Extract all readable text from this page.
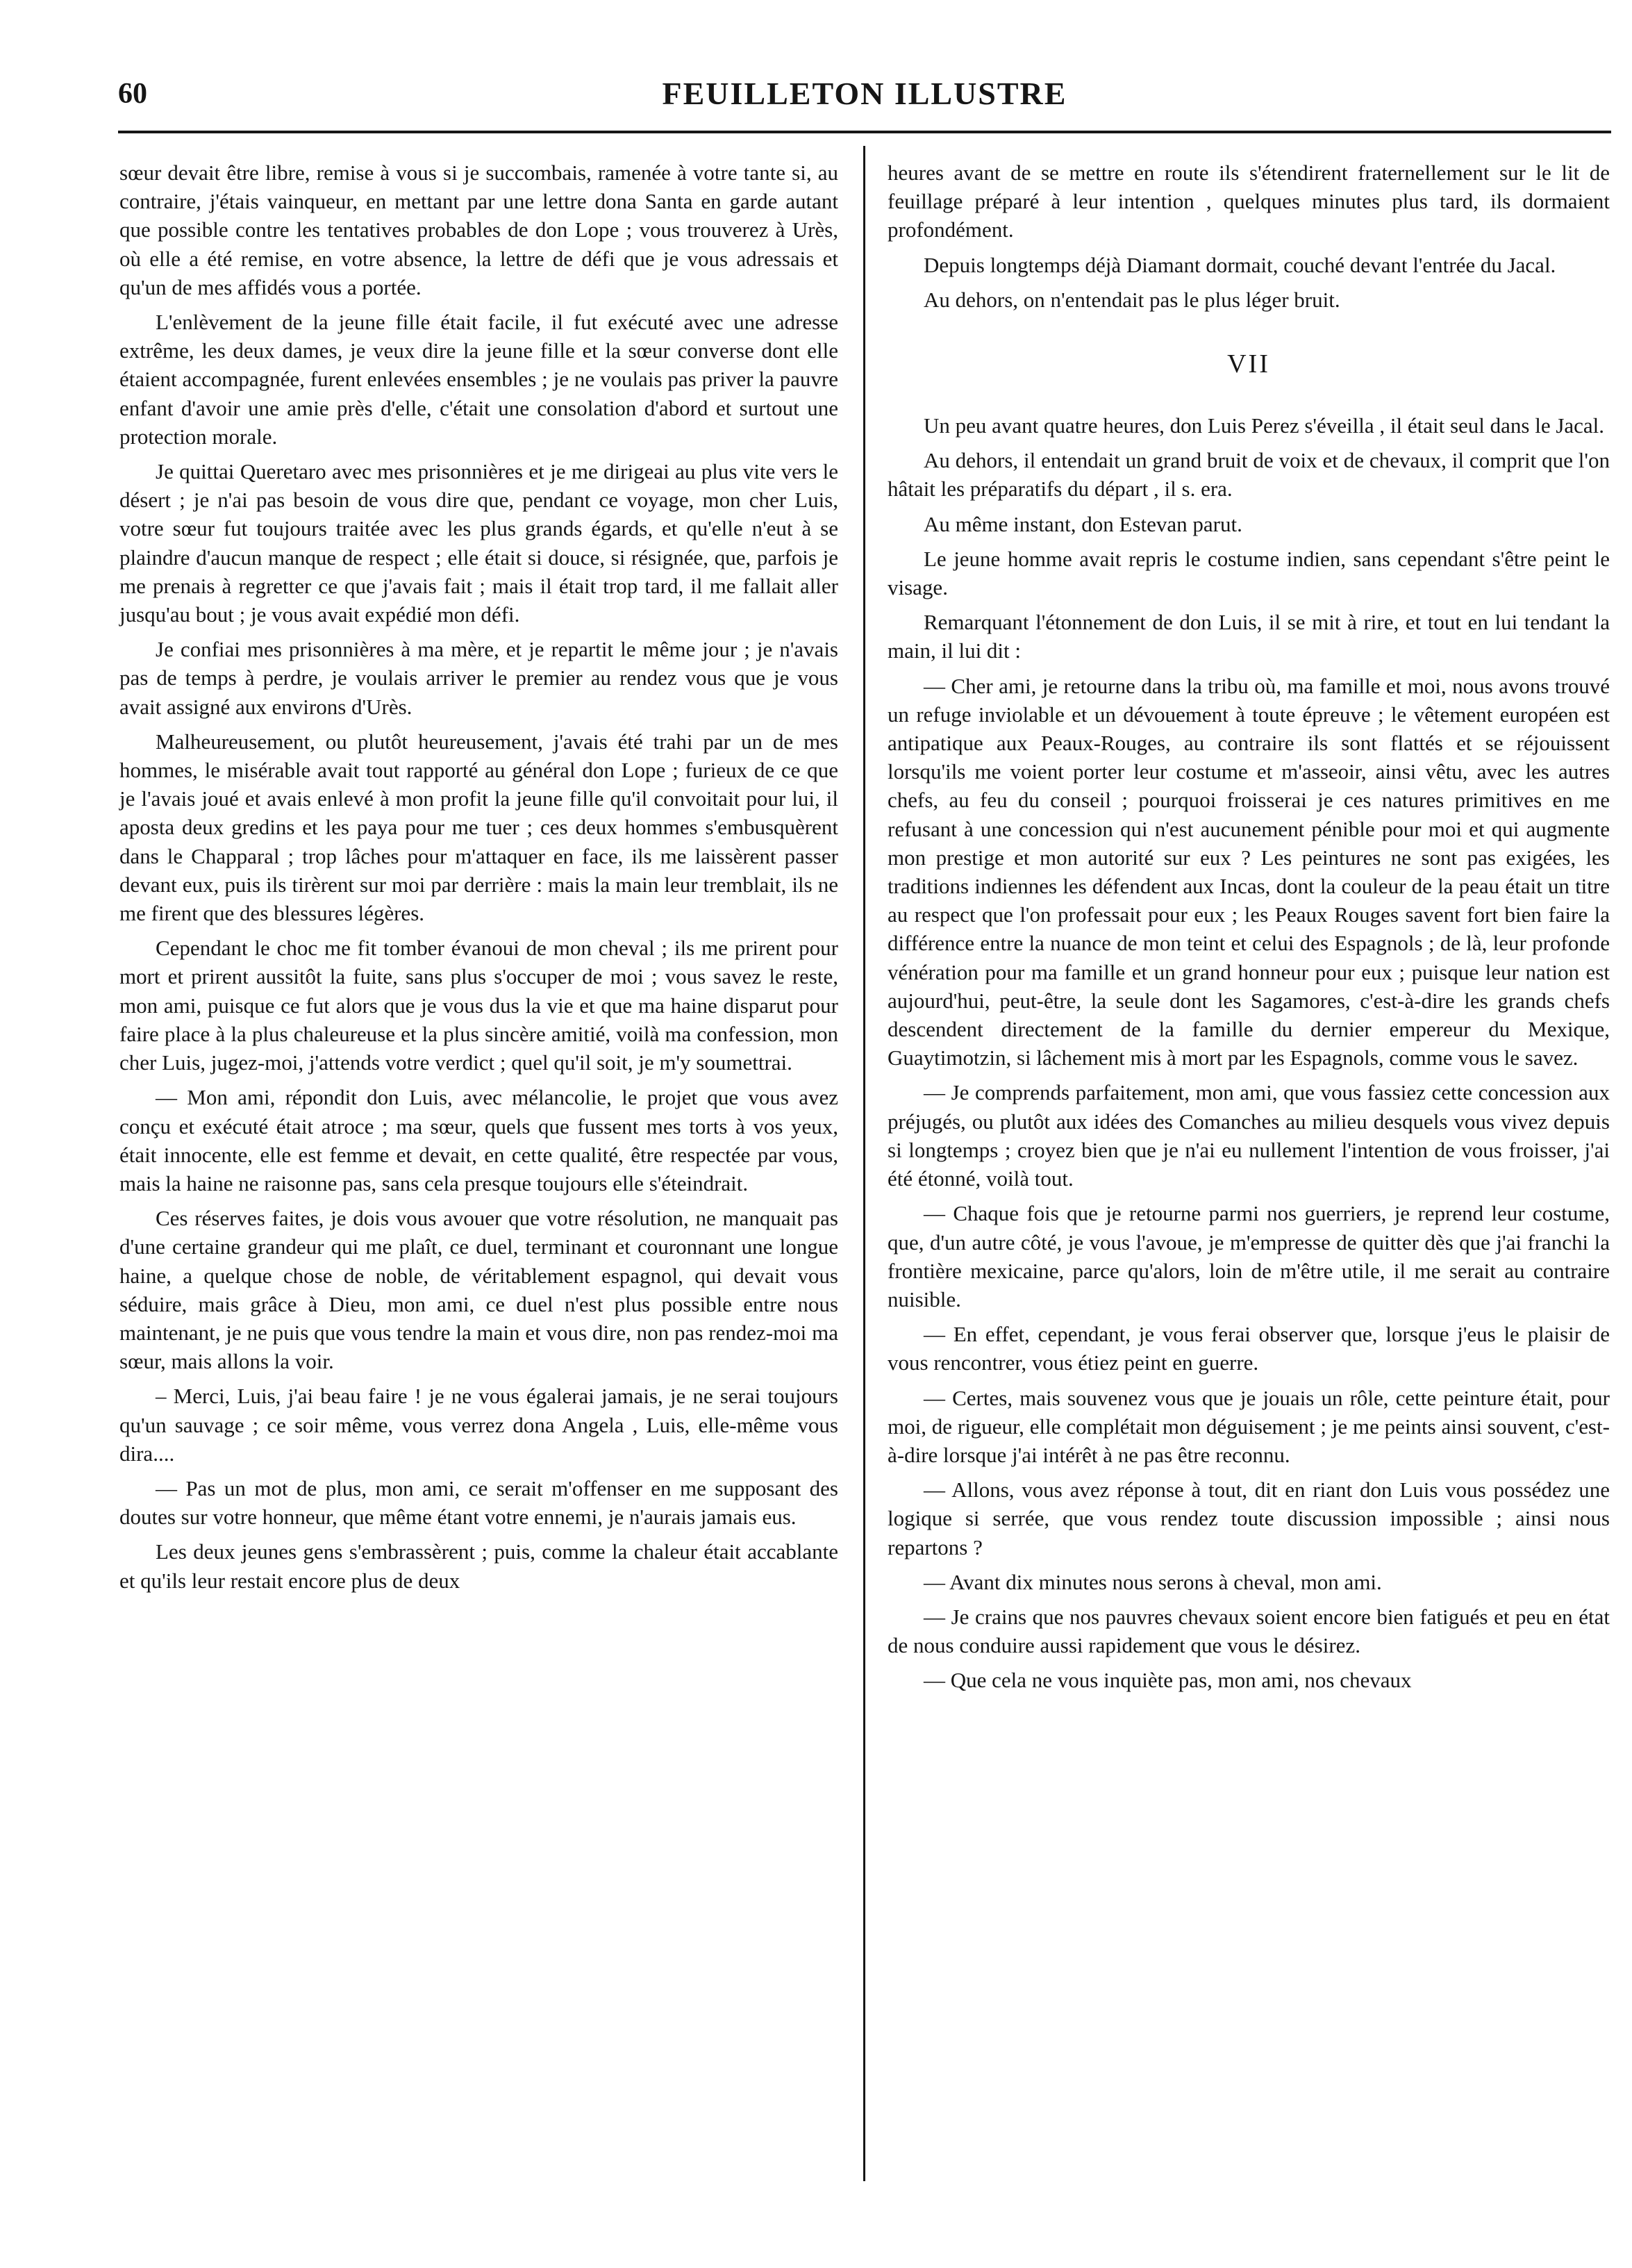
60	FEUILLETON ILLUSTRE

sœur devait être libre, remise à vous si je succombais, ramenée à votre tante si, au contraire, j'étais vainqueur, en mettant par une lettre dona Santa en garde autant que possible contre les tentatives probables de don Lope ; vous trouverez à Urès, où elle a été remise, en votre absence, la lettre de défi que je vous adressais et qu'un de mes affidés vous a portée.

L'enlèvement de la jeune fille était facile, il fut exécuté avec une adresse extrême, les deux dames, je veux dire la jeune fille et la sœur converse dont elle étaient accompagnée, furent enlevées ensembles ; je ne voulais pas priver la pauvre enfant d'avoir une amie près d'elle, c'était une consolation d'abord et surtout une protection morale.

Je quittai Queretaro avec mes prisonnières et je me dirigeai au plus vite vers le désert ; je n'ai pas besoin de vous dire que, pendant ce voyage, mon cher Luis, votre sœur fut toujours traitée avec les plus grands égards, et qu'elle n'eut à se plaindre d'aucun manque de respect ; elle était si douce, si résignée, que, parfois je me prenais à regretter ce que j'avais fait ; mais il était trop tard, il me fallait aller jusqu'au bout ; je vous avait expédié mon défi.

Je confiai mes prisonnières à ma mère, et je repartit le même jour ; je n'avais pas de temps à perdre, je voulais arriver le premier au rendez vous que je vous avait assigné aux environs d'Urès.

Malheureusement, ou plutôt heureusement, j'avais été trahi par un de mes hommes, le misérable avait tout rapporté au général don Lope ; furieux de ce que je l'avais joué et avais enlevé à mon profit la jeune fille qu'il convoitait pour lui, il aposta deux gredins et les paya pour me tuer ; ces deux hommes s'embusquèrent dans le Chapparal ; trop lâches pour m'attaquer en face, ils me laissèrent passer devant eux, puis ils tirèrent sur moi par derrière : mais la main leur tremblait, ils ne me firent que des blessures légères.

Cependant le choc me fit tomber évanoui de mon cheval ; ils me prirent pour mort et prirent aussitôt la fuite, sans plus s'occuper de moi ; vous savez le reste, mon ami, puisque ce fut alors que je vous dus la vie et que ma haine disparut pour faire place à la plus chaleureuse et la plus sincère amitié, voilà ma confession, mon cher Luis, jugez-moi, j'attends votre verdict ; quel qu'il soit, je m'y soumettrai.

— Mon ami, répondit don Luis, avec mélancolie, le projet que vous avez conçu et exécuté était atroce ; ma sœur, quels que fussent mes torts à vos yeux, était innocente, elle est femme et devait, en cette qualité, être respectée par vous, mais la haine ne raisonne pas, sans cela presque toujours elle s'éteindrait.

Ces réserves faites, je dois vous avouer que votre résolution, ne manquait pas d'une certaine grandeur qui me plaît, ce duel, terminant et couronnant une longue haine, a quelque chose de noble, de véritablement espagnol, qui devait vous séduire, mais grâce à Dieu, mon ami, ce duel n'est plus possible entre nous maintenant, je ne puis que vous tendre la main et vous dire, non pas rendez-moi ma sœur, mais allons la voir.

– Merci, Luis, j'ai beau faire ! je ne vous égalerai jamais, je ne serai toujours qu'un sauvage ; ce soir même, vous verrez dona Angela , Luis, elle-même vous dira....

— Pas un mot de plus, mon ami, ce serait m'offenser en me supposant des doutes sur votre honneur, que même étant votre ennemi, je n'aurais jamais eus.

Les deux jeunes gens s'embrassèrent ; puis, comme la chaleur était accablante et qu'ils leur restait encore plus de deux

heures avant de se mettre en route ils s'étendirent fraternellement sur le lit de feuillage préparé à leur intention , quelques minutes plus tard, ils dormaient profondément.

Depuis longtemps déjà Diamant dormait, couché devant l'entrée du Jacal.

Au dehors, on n'entendait pas le plus léger bruit.

VII

Un peu avant quatre heures, don Luis Perez s'éveilla , il était seul dans le Jacal.

Au dehors, il entendait un grand bruit de voix et de chevaux, il comprit que l'on hâtait les préparatifs du départ , il s. era.

Au même instant, don Estevan parut.

Le jeune homme avait repris le costume indien, sans cependant s'être peint le visage.

Remarquant l'étonnement de don Luis, il se mit à rire, et tout en lui tendant la main, il lui dit :

— Cher ami, je retourne dans la tribu où, ma famille et moi, nous avons trouvé un refuge inviolable et un dévouement à toute épreuve ; le vêtement européen est antipatique aux Peaux-Rouges, au contraire ils sont flattés et se réjouissent lorsqu'ils me voient porter leur costume et m'asseoir, ainsi vêtu, avec les autres chefs, au feu du conseil ; pourquoi froisserai je ces natures primitives en me refusant à une concession qui n'est aucunement pénible pour moi et qui augmente mon prestige et mon autorité sur eux ? Les peintures ne sont pas exigées, les traditions indiennes les défendent aux Incas, dont la couleur de la peau était un titre au respect que l'on professait pour eux ; les Peaux Rouges savent fort bien faire la différence entre la nuance de mon teint et celui des Espagnols ; de là, leur profonde vénération pour ma famille et un grand honneur pour eux ; puisque leur nation est aujourd'hui, peut-être, la seule dont les Sagamores, c'est-à-dire les grands chefs descendent directement de la famille du dernier empereur du Mexique, Guaytimotzin, si lâchement mis à mort par les Espagnols, comme vous le savez.

— Je comprends parfaitement, mon ami, que vous fassiez cette concession aux préjugés, ou plutôt aux idées des Comanches au milieu desquels vous vivez depuis si longtemps ; croyez bien que je n'ai eu nullement l'intention de vous froisser, j'ai été étonné, voilà tout.

— Chaque fois que je retourne parmi nos guerriers, je reprend leur costume, que, d'un autre côté, je vous l'avoue, je m'empresse de quitter dès que j'ai franchi la frontière mexicaine, parce qu'alors, loin de m'être utile, il me serait au contraire nuisible.

— En effet, cependant, je vous ferai observer que, lorsque j'eus le plaisir de vous rencontrer, vous étiez peint en guerre.

— Certes, mais souvenez vous que je jouais un rôle, cette peinture était, pour moi, de rigueur, elle complétait mon déguisement ; je me peints ainsi souvent, c'est-à-dire lorsque j'ai intérêt à ne pas être reconnu.

— Allons, vous avez réponse à tout, dit en riant don Luis vous possédez une logique si serrée, que vous rendez toute discussion impossible ; ainsi nous repartons ?

— Avant dix minutes nous serons à cheval, mon ami.

— Je crains que nos pauvres chevaux soient encore bien fatigués et peu en état de nous conduire aussi rapidement que vous le désirez.

— Que cela ne vous inquiète pas, mon ami, nos chevaux
